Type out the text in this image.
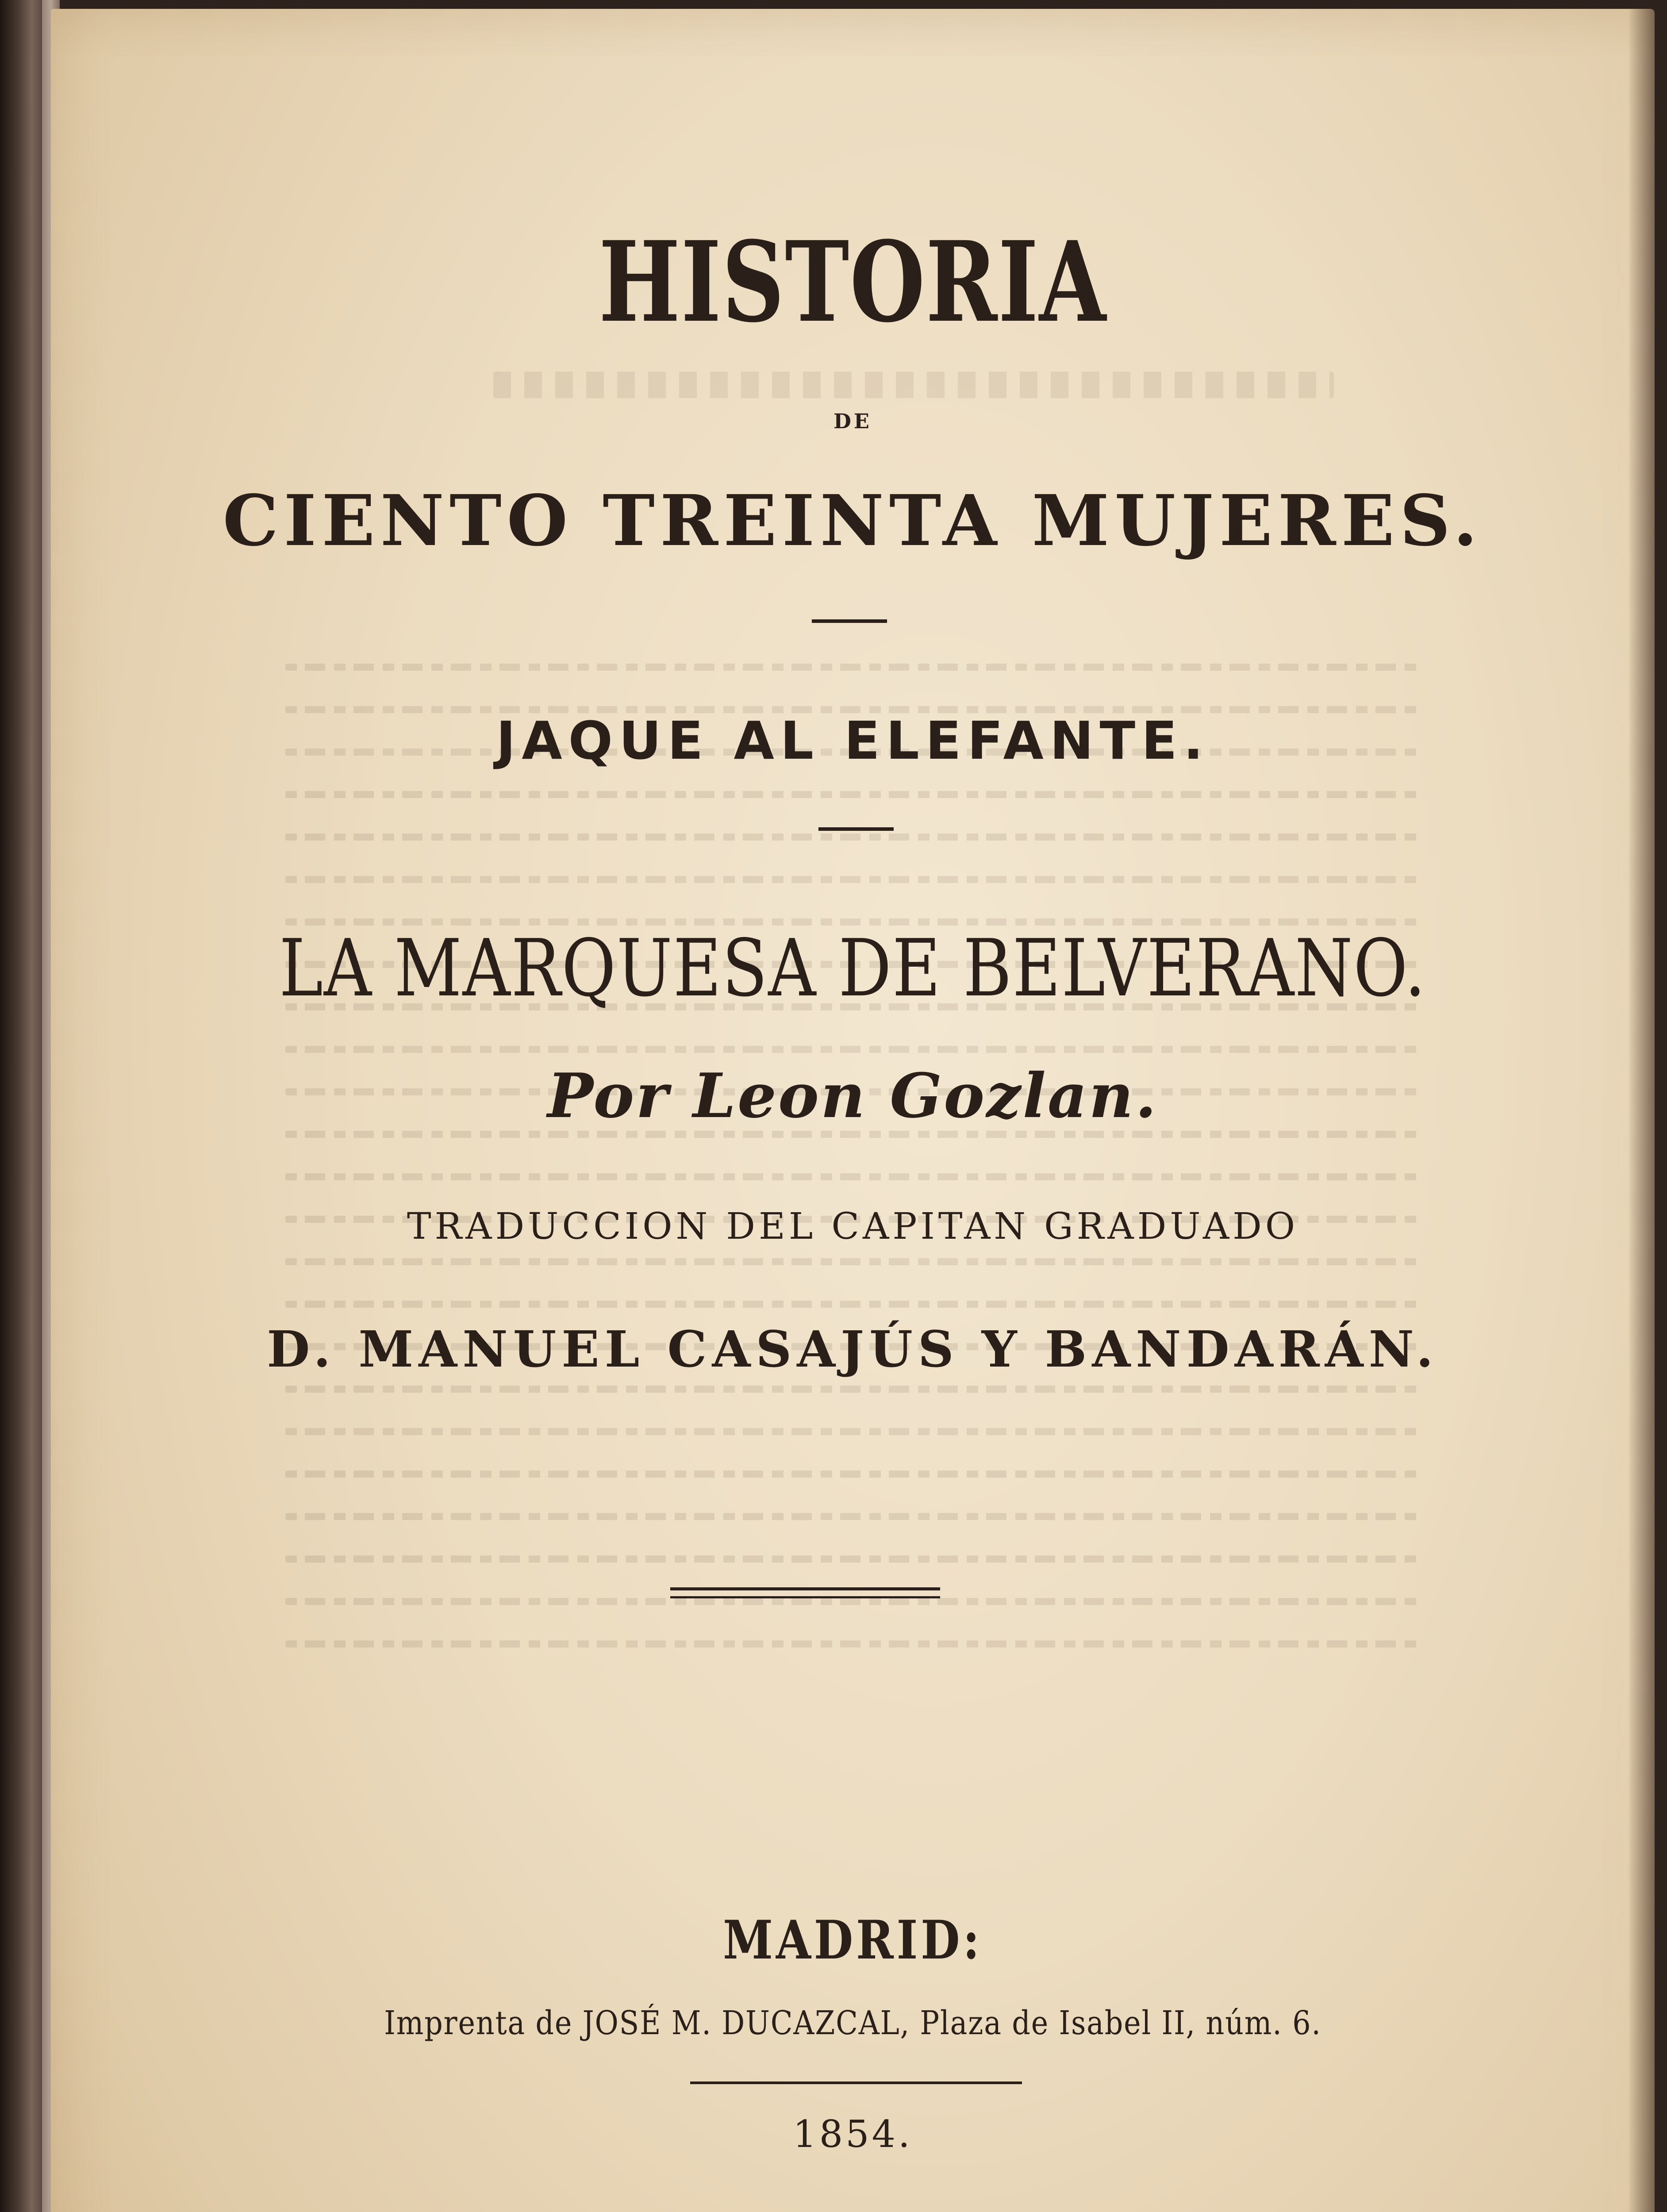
HISTORIA
DE
CIENTO TREINTA MUJERES.
JAQUE AL ELEFANTE.
LA MARQUESA DE BELVERANO.
Por Leon Gozlan.
TRADUCCION DEL CAPITAN GRADUADO
D. MANUEL CASAJÚS Y BANDARÁN.
MADRID:
Imprenta de JOSÉ M. DUCAZCAL, Plaza de Isabel II, núm. 6.
1854.
